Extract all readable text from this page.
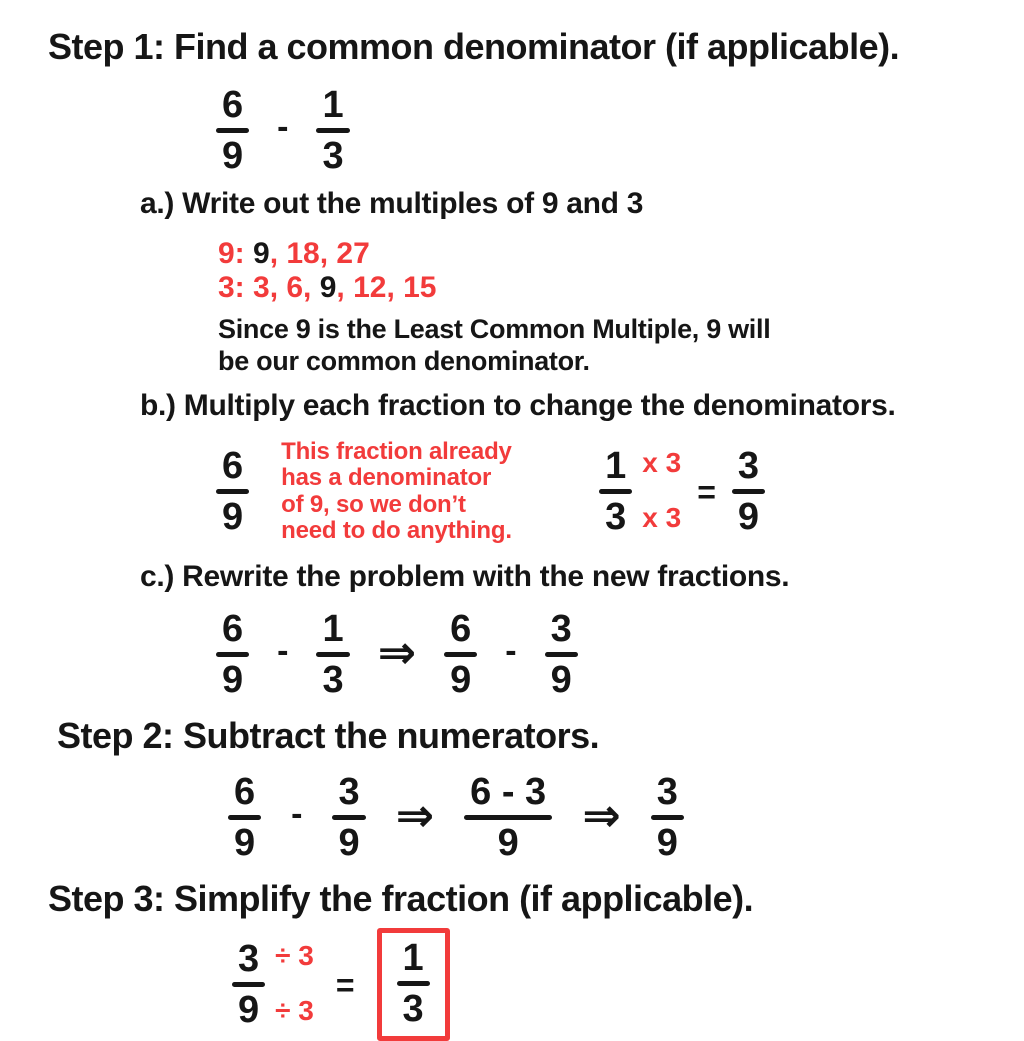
Step 1: Find a common denominator (if applicable).
6
9
-
1
3
a.) Write out the multiples of 9 and 3
9: 9, 18, 27
3: 3, 6, 9, 12, 15
Since 9 is the Least Common Multiple, 9 will
be our common denominator.
b.) Multiply each fraction to change the denominators.
6
9
This fraction already
has a denominator
of 9, so we don’t
need to do anything.
1
3
x 3
x 3
=
3
9
c.) Rewrite the problem with the new fractions.
6
9
-
1
3
⇒ 6
9
-
3
9
Step 2: Subtract the numerators.
6
9
-
3
9
⇒ 6 - 3
9
⇒ 3
9
Step 3: Simplify the fraction (if applicable).
3
9
÷ 3
÷ 3
=
1
3
